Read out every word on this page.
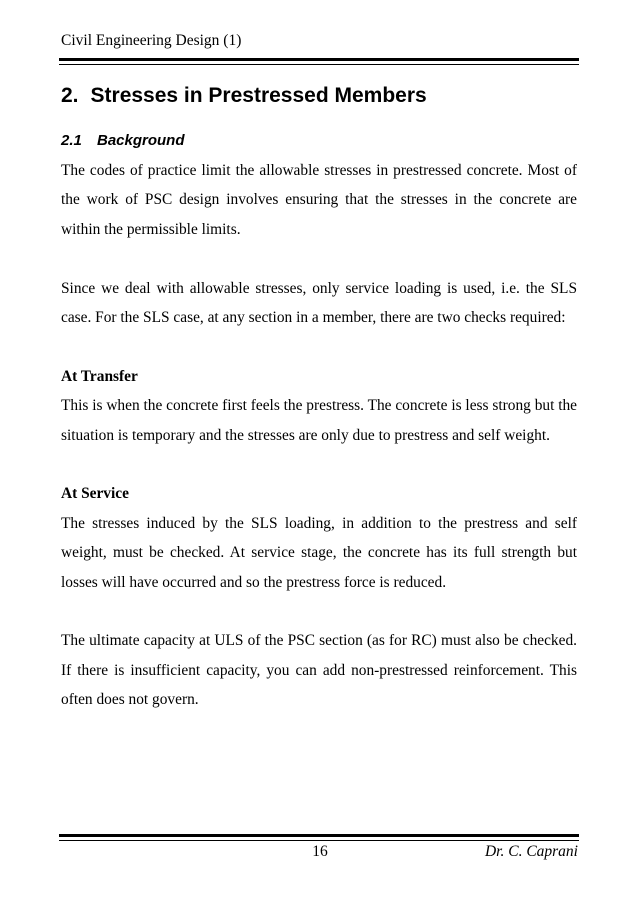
Civil Engineering Design (1)
2. Stresses in Prestressed Members
2.1 Background

The codes of practice limit the allowable stresses in prestressed concrete. Most of the work of PSC design involves ensuring that the stresses in the concrete are within the permissible limits.

Since we deal with allowable stresses, only service loading is used, i.e. the SLS case. For the SLS case, at any section in a member, there are two checks required:

At Transfer

This is when the concrete first feels the prestress. The concrete is less strong but the situation is temporary and the stresses are only due to prestress and self weight.

At Service

The stresses induced by the SLS loading, in addition to the prestress and self weight, must be checked. At service stage, the concrete has its full strength but losses will have occurred and so the prestress force is reduced.

The ultimate capacity at ULS of the PSC section (as for RC) must also be checked. If there is insufficient capacity, you can add non-prestressed reinforcement. This often does not govern.

16	Dr. C. Caprani
